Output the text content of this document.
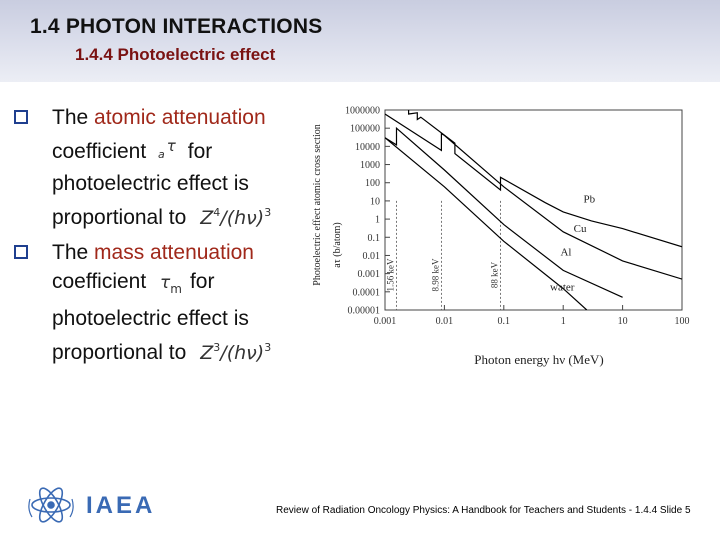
1.4 PHOTON INTERACTIONS
1.4.4 Photoelectric effect
The atomic attenuation
coefficient a $^\tau$ for
photoelectric effect is
proportional to $Z^4/(h\nu)^3$
The mass attenuation
coefficient $\tau_m$ for
photoelectric effect is
proportional to $Z^3/(h\nu)^3$
1.56 keV	8.98 keV	88 keV
0.001	0.01	0.1	1	10	100
0.00001
0.0001
0.001
0.01
0.1
1
10
100
1000
10000
100000
1000000
Pb
Cu
Al
water
Photon energy hν (MeV)
Photoelectric effect atomic cross section aτ (b/atom)
IAEA	Review of Radiation Oncology Physics: A Handbook for Teachers and Students - 1.4.4 Slide 5
